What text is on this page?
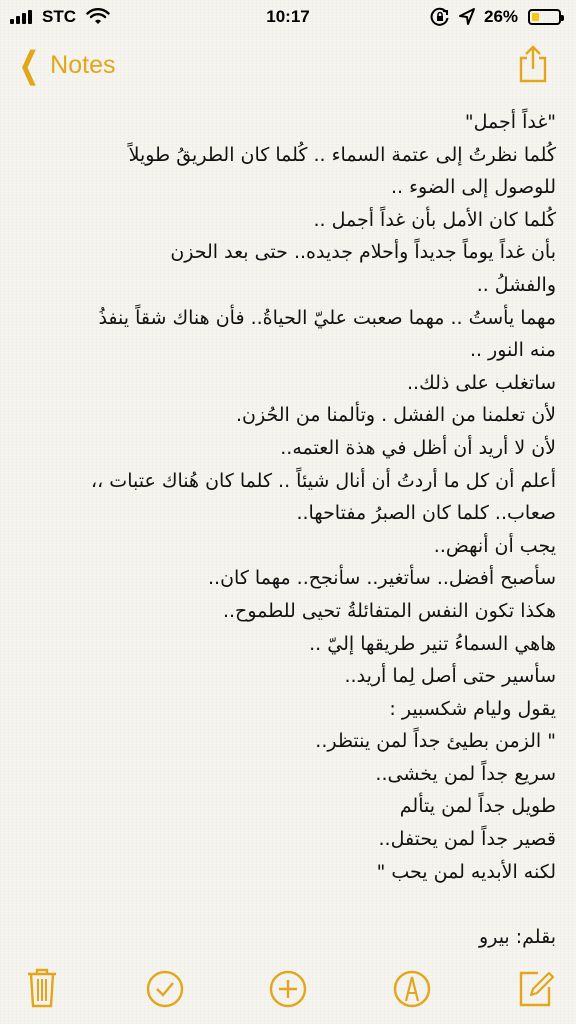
STC	10:17	26%
❮ Notes
"غداً أجمل"
كُلما نظرتُ إلى عتمة السماء .. كُلما كان الطريقُ طويلاً
للوصول إلى الضوء ..
كُلما كان الأمل بأن غداً أجمل ..
بأن غداً يوماً جديداً وأحلام جديده.. حتى بعد الحزن
والفشلُ ..
مهما يأستُ .. مهما صعبت عليّ الحياةُ.. فأن هناك شقاً ينفذُ
منه النور ..
ساتغلب على ذلك..
لأن تعلمنا من الفشل . وتألمنا من الحُزن.
لأن لا أريد أن أظل في هذة العتمه..
أعلم أن كل ما أردتُ أن أنال شيئاً .. كلما كان هُناك عتبات ،،
صعاب.. كلما كان الصبرُ مفتاحها..
يجب أن أنهض..
سأصبح أفضل.. سأتغير.. سأنجح.. مهما كان..
هكذا تكون النفس المتفائلةُ تحيى للطموح..
هاهي السماءُ تنير طريقها إليّ ..
سأسير حتى أصل لِما أريد..
يقول وليام شكسبير :
" الزمن بطيئ جداً لمن ينتظر..
سريع جداً لمن يخشى..
طويل جداً لمن يتألم
قصير جداً لمن يحتفل..
لكنه الأبديه لمن يحب "
بقلم: بيرو
